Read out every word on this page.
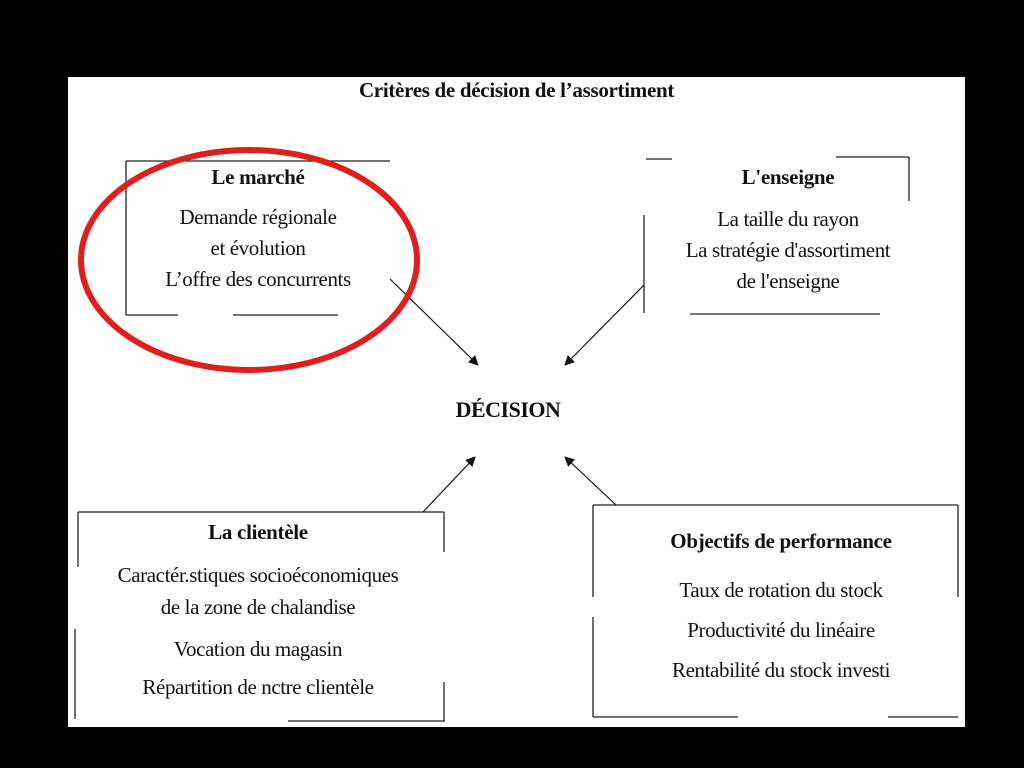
Critères de décision de l’assortiment
DÉCISION
Le marché
Demande régionale
et évolution
L’offre des concurrents
L'enseigne
La taille du rayon
La stratégie d'assortiment
de l'enseigne
La clientèle
Caractér.stiques socioéconomiques
de la zone de chalandise
Vocation du magasin
Répartition de nctre clientèle
Objectifs de performance
Taux de rotation du stock
Productivité du linéaire
Rentabilité du stock investi
